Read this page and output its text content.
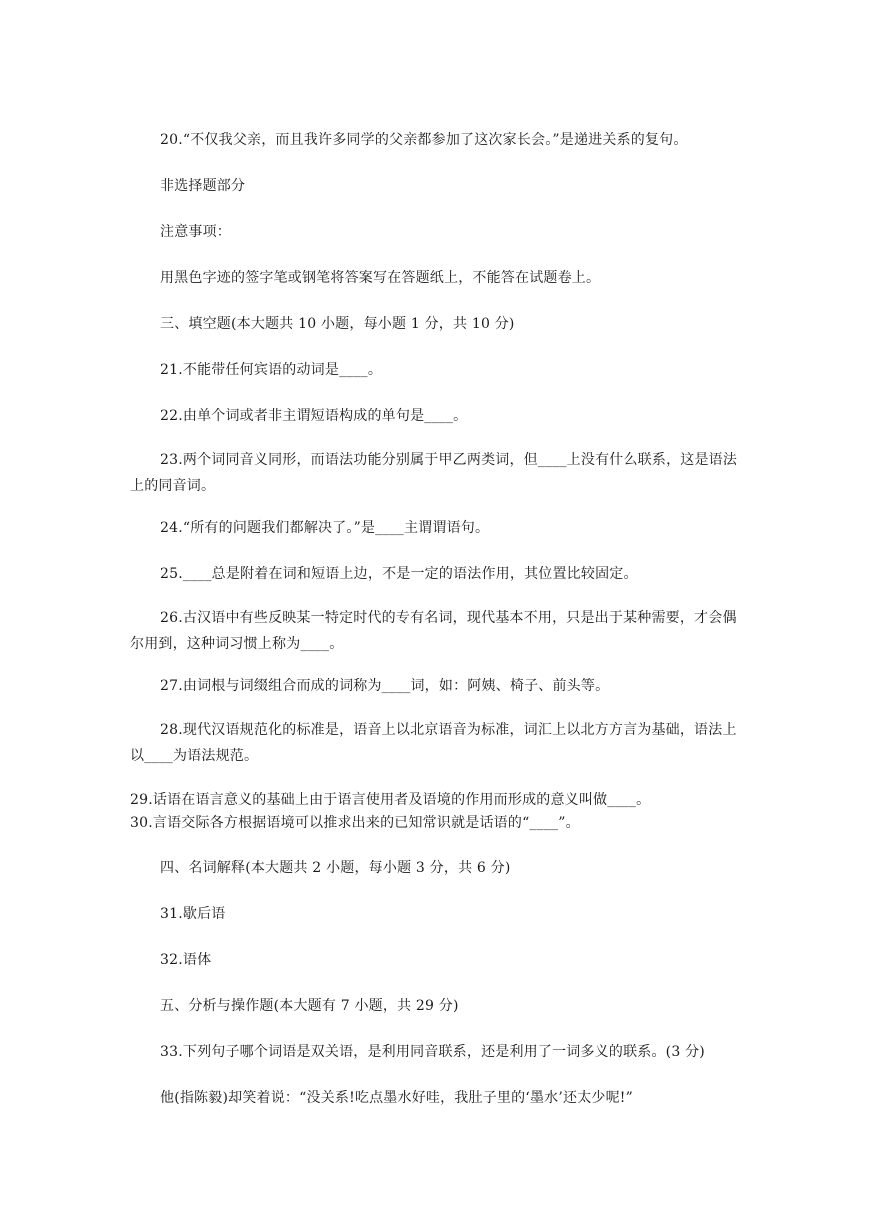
20.“不仅我父亲，而且我许多同学的父亲都参加了这次家长会。”是递进关系的复句。
非选择题部分
注意事项：
用黑色字迹的签字笔或钢笔将答案写在答题纸上，不能答在试题卷上。
三、填空题(本大题共 10 小题，每小题 1 分，共 10 分)
21.不能带任何宾语的动词是____。
22.由单个词或者非主谓短语构成的单句是____。
23.两个词同音义同形，而语法功能分别属于甲乙两类词，但____上没有什么联系，这是语法上的同音词。
24.“所有的问题我们都解决了。”是____主谓谓语句。
25.____总是附着在词和短语上边，不是一定的语法作用，其位置比较固定。
26.古汉语中有些反映某一特定时代的专有名词，现代基本不用，只是出于某种需要，才会偶尔用到，这种词习惯上称为____。
27.由词根与词缀组合而成的词称为____词，如：阿姨、椅子、前头等。
28.现代汉语规范化的标准是，语音上以北京语音为标准，词汇上以北方方言为基础，语法上以____为语法规范。
29.话语在语言意义的基础上由于语言使用者及语境的作用而形成的意义叫做____。
30.言语交际各方根据语境可以推求出来的已知常识就是话语的“____”。
四、名词解释(本大题共 2 小题，每小题 3 分，共 6 分)
31.歇后语
32.语体
五、分析与操作题(本大题有 7 小题，共 29 分)
33.下列句子哪个词语是双关语，是利用同音联系，还是利用了一词多义的联系。(3 分)
他(指陈毅)却笑着说：“没关系!吃点墨水好哇，我肚子里的‘墨水’还太少呢!”
